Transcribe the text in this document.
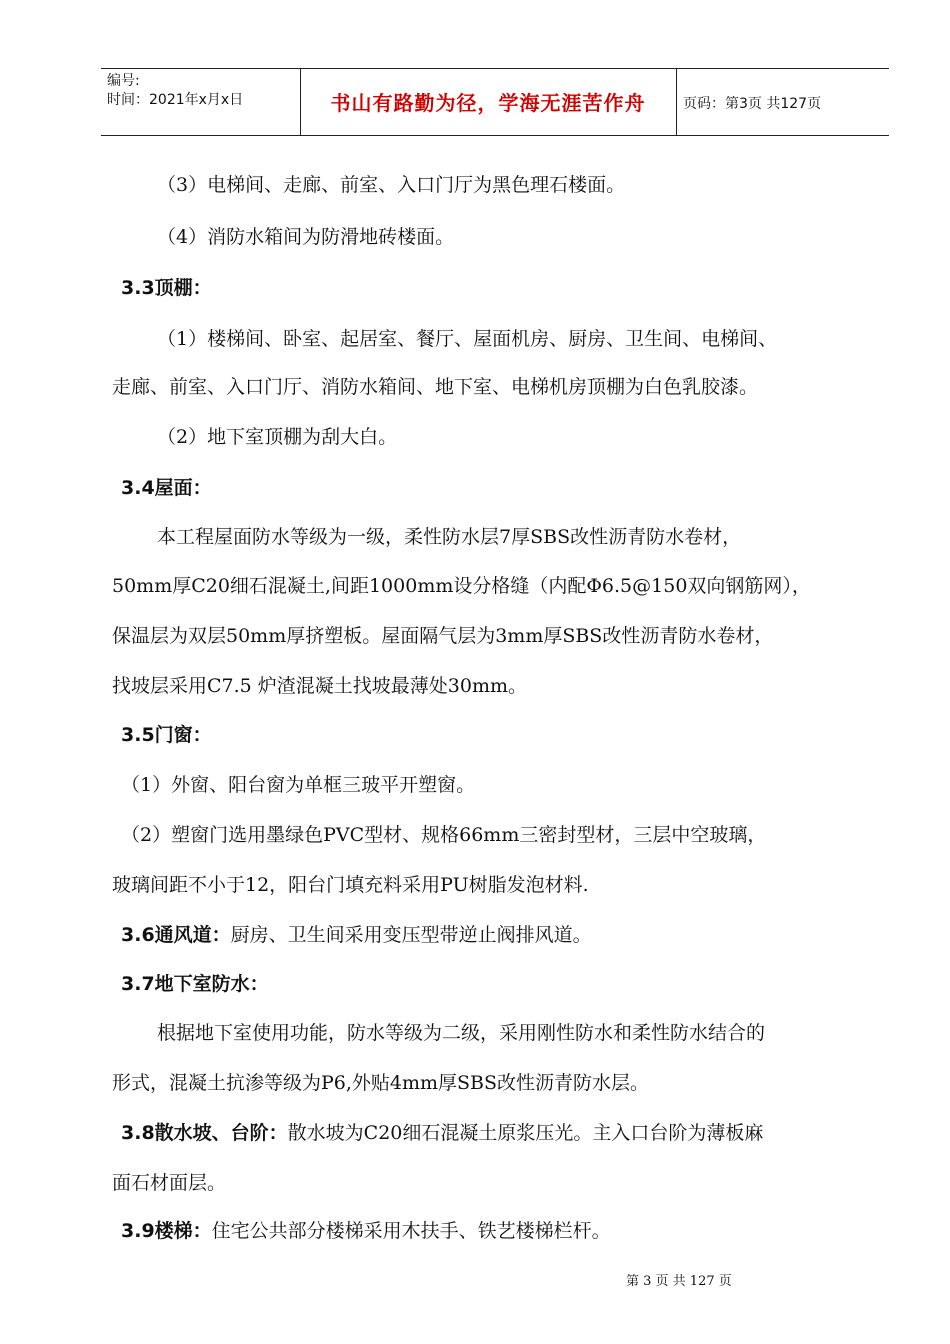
编号:
时间：2021年x月x日	书山有路勤为径，学海无涯苦作舟	页码：第3页 共127页
（3）电梯间、走廊、前室、入口门厅为黑色理石楼面。
（4）消防水箱间为防滑地砖楼面。
3.3顶棚：
（1）楼梯间、卧室、起居室、餐厅、屋面机房、厨房、卫生间、电梯间、
走廊、前室、入口门厅、消防水箱间、地下室、电梯机房顶棚为白色乳胶漆。
（2）地下室顶棚为刮大白。
3.4屋面：
本工程屋面防水等级为一级，柔性防水层7厚SBS改性沥青防水卷材，
50mm厚C20细石混凝土,间距1000mm设分格缝（内配Φ6.5@150双向钢筋网），
保温层为双层50mm厚挤塑板。屋面隔气层为3mm厚SBS改性沥青防水卷材，
找坡层采用C7.5 炉渣混凝土找坡最薄处30mm。
3.5门窗：
（1）外窗、阳台窗为单框三玻平开塑窗。
（2）塑窗门选用墨绿色PVC型材、规格66mm三密封型材，三层中空玻璃，
玻璃间距不小于12，阳台门填充料采用PU树脂发泡材料.
3.6通风道：厨房、卫生间采用变压型带逆止阀排风道。
3.7地下室防水：
根据地下室使用功能，防水等级为二级，采用刚性防水和柔性防水结合的
形式，混凝土抗渗等级为P6,外贴4mm厚SBS改性沥青防水层。
3.8散水坡、台阶：散水坡为C20细石混凝土原浆压光。主入口台阶为薄板麻
面石材面层。
3.9楼梯：住宅公共部分楼梯采用木扶手、铁艺楼梯栏杆。
第 3 页 共 127 页
